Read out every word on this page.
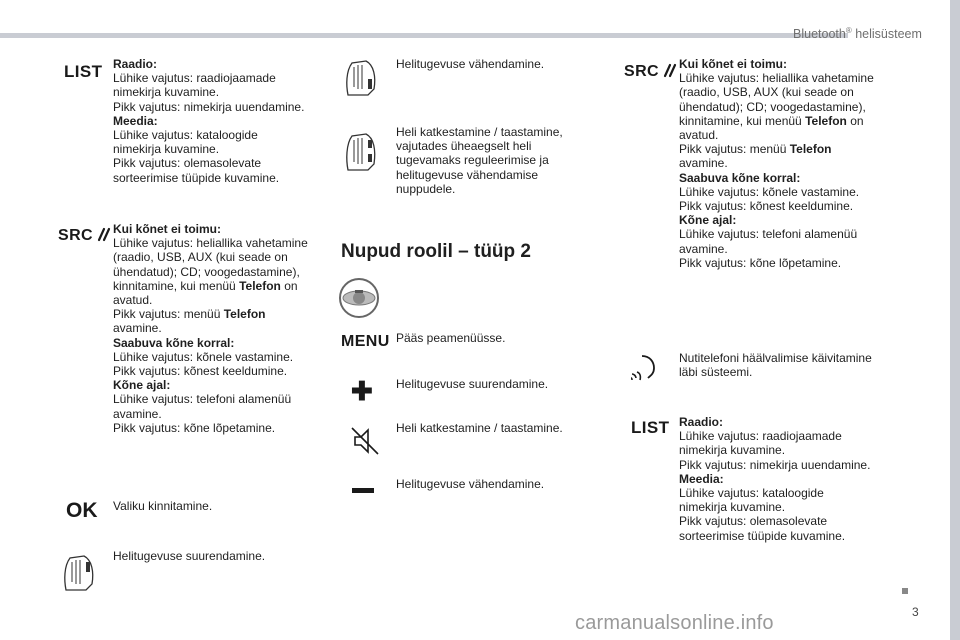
Bluetooth® helisüsteem
3
carmanualsonline.info
LIST Raadio:

Lühike vajutus: raadiojaamade
nimekirja kuvamine.
Pikk vajutus: nimekirja uuendamine.

Meedia:

Lühike vajutus: kataloogide
nimekirja kuvamine.
Pikk vajutus: olemasolevate
sorteerimise tüüpide kuvamine.

SRC	Kui kõnet ei toimu:

Lühike vajutus: heliallika vahetamine
(raadio, USB, AUX (kui seade on
ühendatud); CD; voogedastamine),
kinnitamine, kui menüü Telefon on
avatud.
Pikk vajutus: menüü Telefon
avamine.

Saabuva kõne korral:

Lühike vajutus: kõnele vastamine.
Pikk vajutus: kõnest keeldumine.

Kõne ajal:

Lühike vajutus: telefoni alamenüü
avamine.
Pikk vajutus: kõne lõpetamine.

OK Valiku kinnitamine.

Helitugevuse suurendamine.

Helitugevuse vähendamine.

Heli katkestamine / taastamine,
vajutades üheaegselt heli
tugevamaks reguleerimise ja
helitugevuse vähendamise
nuppudele.

Nupud roolil – tüüp 2
MENU Pääs peamenüüsse.

✚ Helitugevuse suurendamine.

Heli katkestamine / taastamine.

Helitugevuse vähendamine.

SRC	Kui kõnet ei toimu:

Lühike vajutus: heliallika vahetamine
(raadio, USB, AUX (kui seade on
ühendatud); CD; voogedastamine),
kinnitamine, kui menüü Telefon on
avatud.
Pikk vajutus: menüü Telefon
avamine.

Saabuva kõne korral:

Lühike vajutus: kõnele vastamine.
Pikk vajutus: kõnest keeldumine.

Kõne ajal:

Lühike vajutus: telefoni alamenüü
avamine.
Pikk vajutus: kõne lõpetamine.

Nutitelefoni häälvalimise käivitamine
läbi süsteemi.

LIST Raadio:

Lühike vajutus: raadiojaamade
nimekirja kuvamine.
Pikk vajutus: nimekirja uuendamine.

Meedia:

Lühike vajutus: kataloogide
nimekirja kuvamine.
Pikk vajutus: olemasolevate
sorteerimise tüüpide kuvamine.
